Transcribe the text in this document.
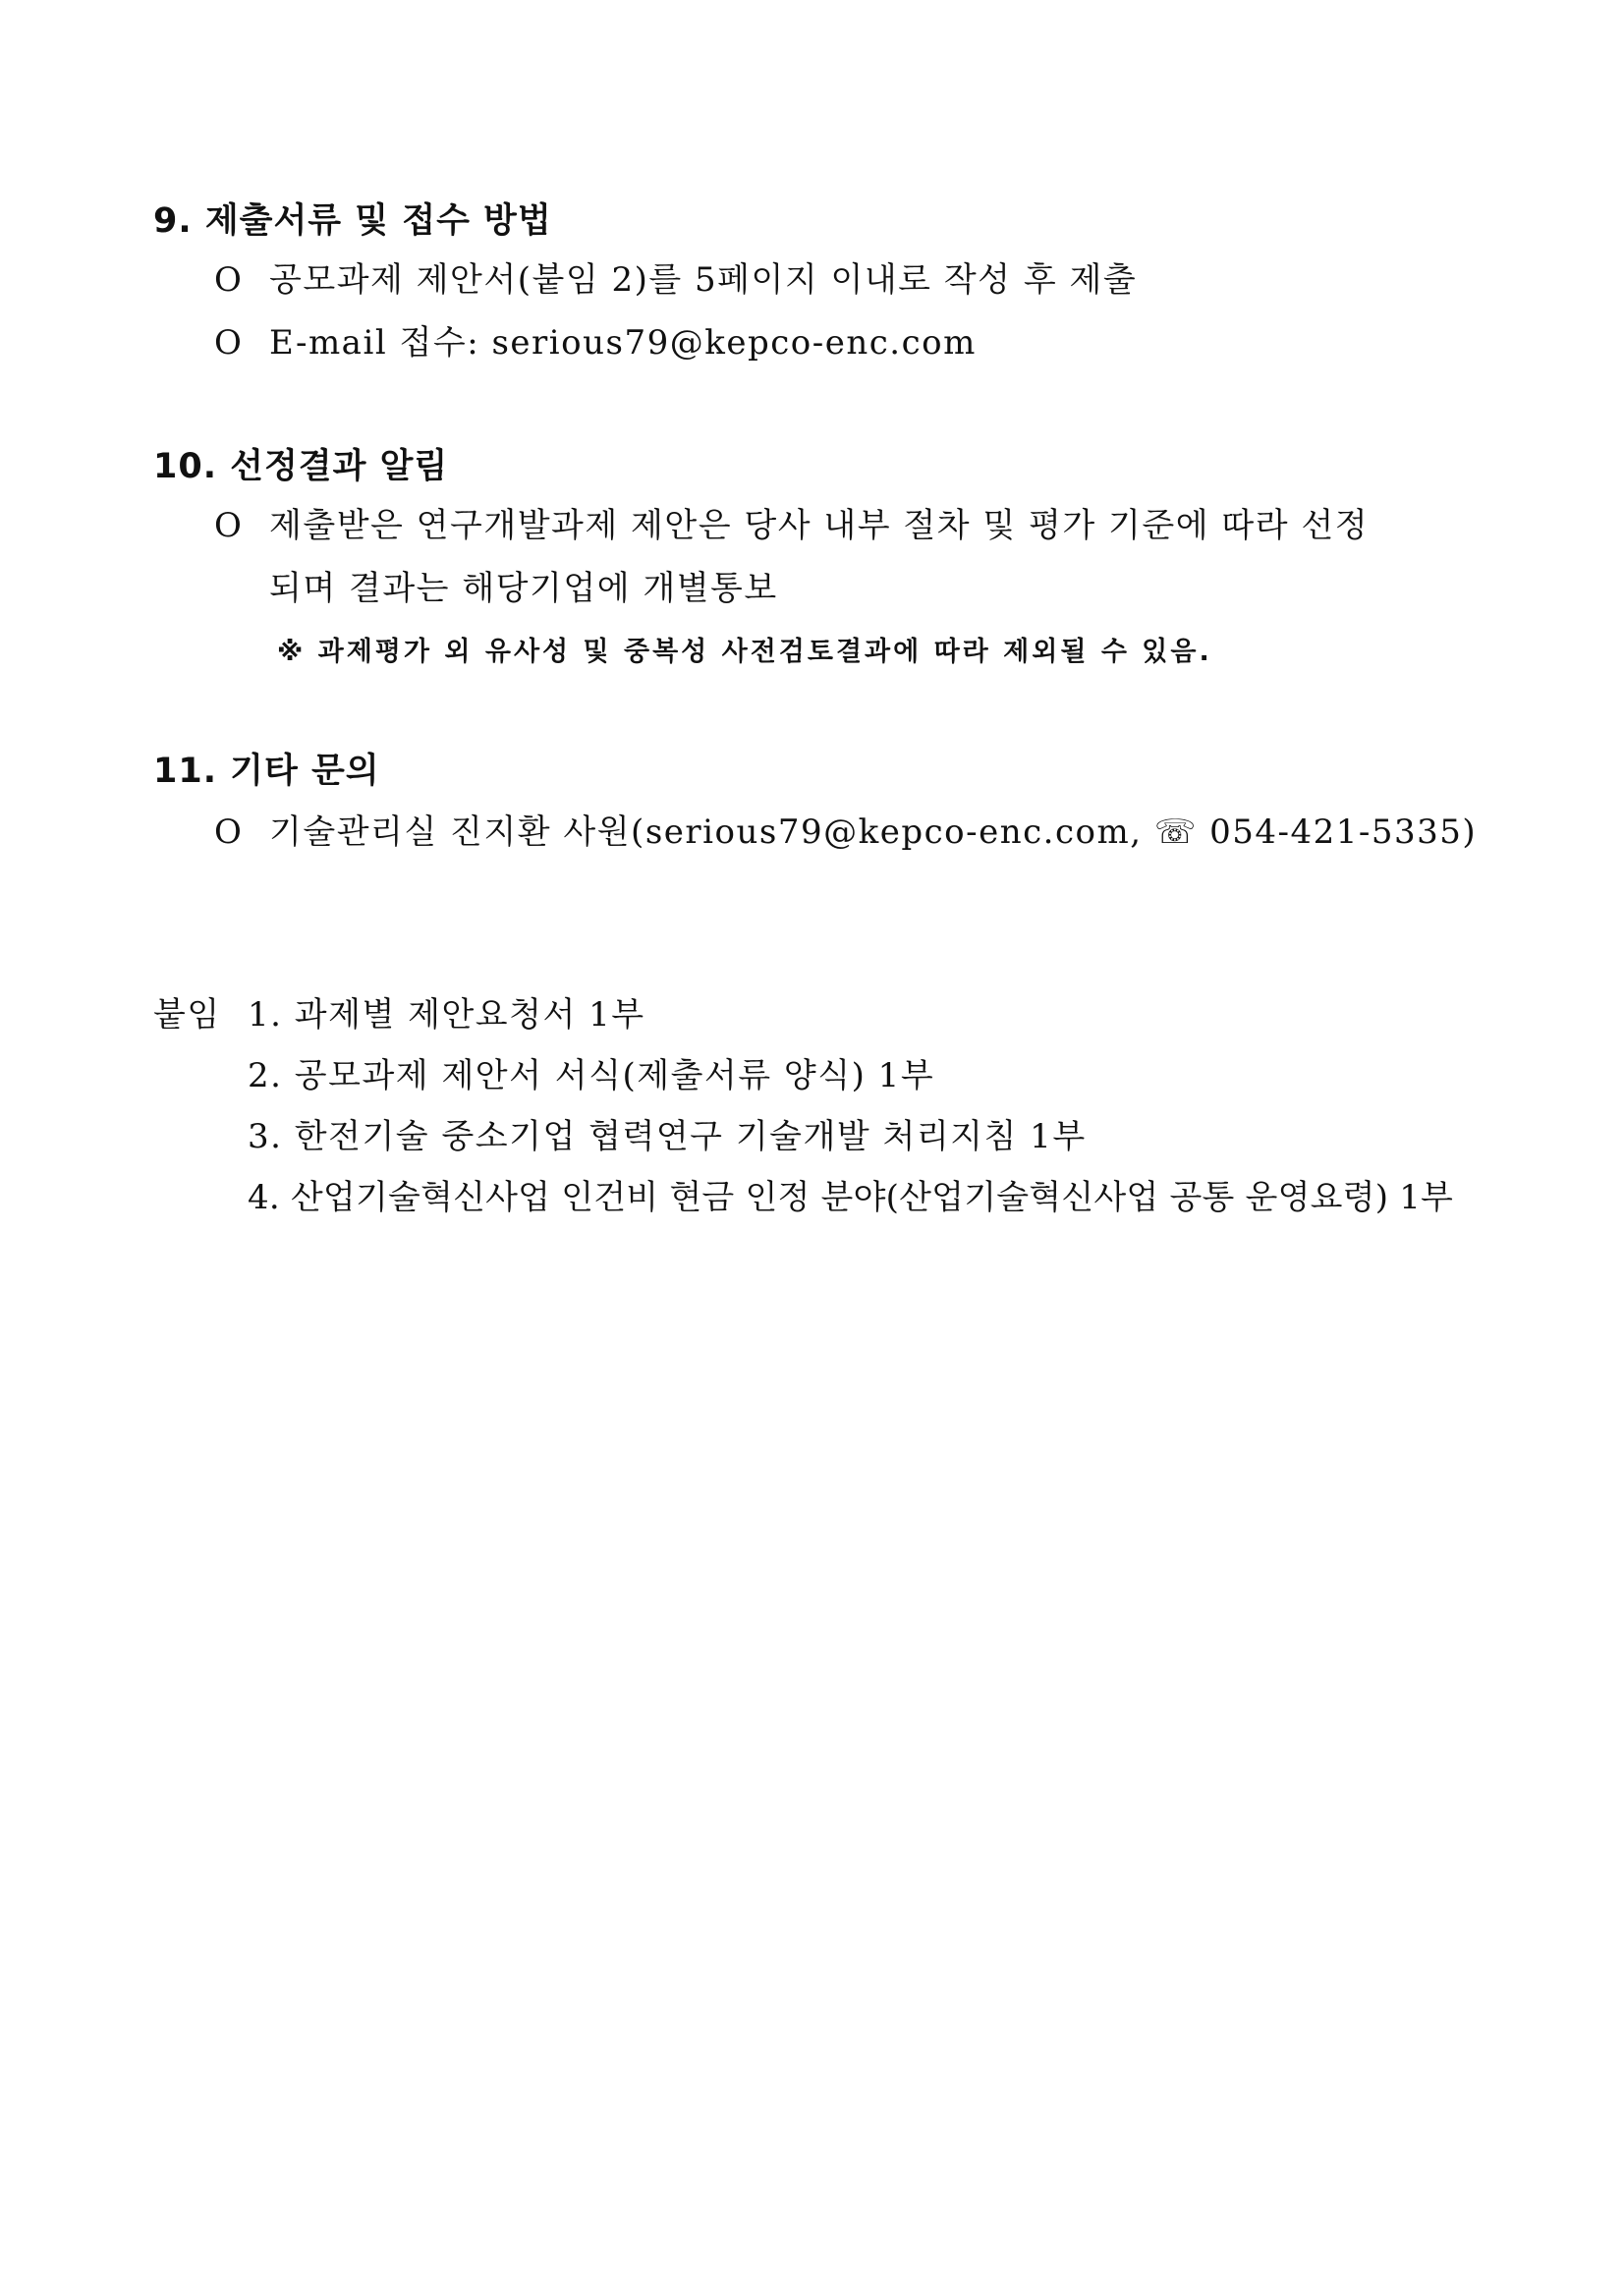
9. 제출서류 및 접수 방법
O 공모과제 제안서(붙임 2)를 5페이지 이내로 작성 후 제출
O E-mail 접수: serious79@kepco-enc.com
10. 선정결과 알림
O 제출받은 연구개발과제 제안은 당사 내부 절차 및 평가 기준에 따라 선정
되며 결과는 해당기업에 개별통보
※ 과제평가 외 유사성 및 중복성 사전검토결과에 따라 제외될 수 있음.
11. 기타 문의
O 기술관리실 진지환 사원(serious79@kepco-enc.com, ☏ 054-421-5335)
붙임 1. 과제별 제안요청서 1부
2. 공모과제 제안서 서식(제출서류 양식) 1부
3. 한전기술 중소기업 협력연구 기술개발 처리지침 1부
4. 산업기술혁신사업 인건비 현금 인정 분야(산업기술혁신사업 공통 운영요령) 1부
